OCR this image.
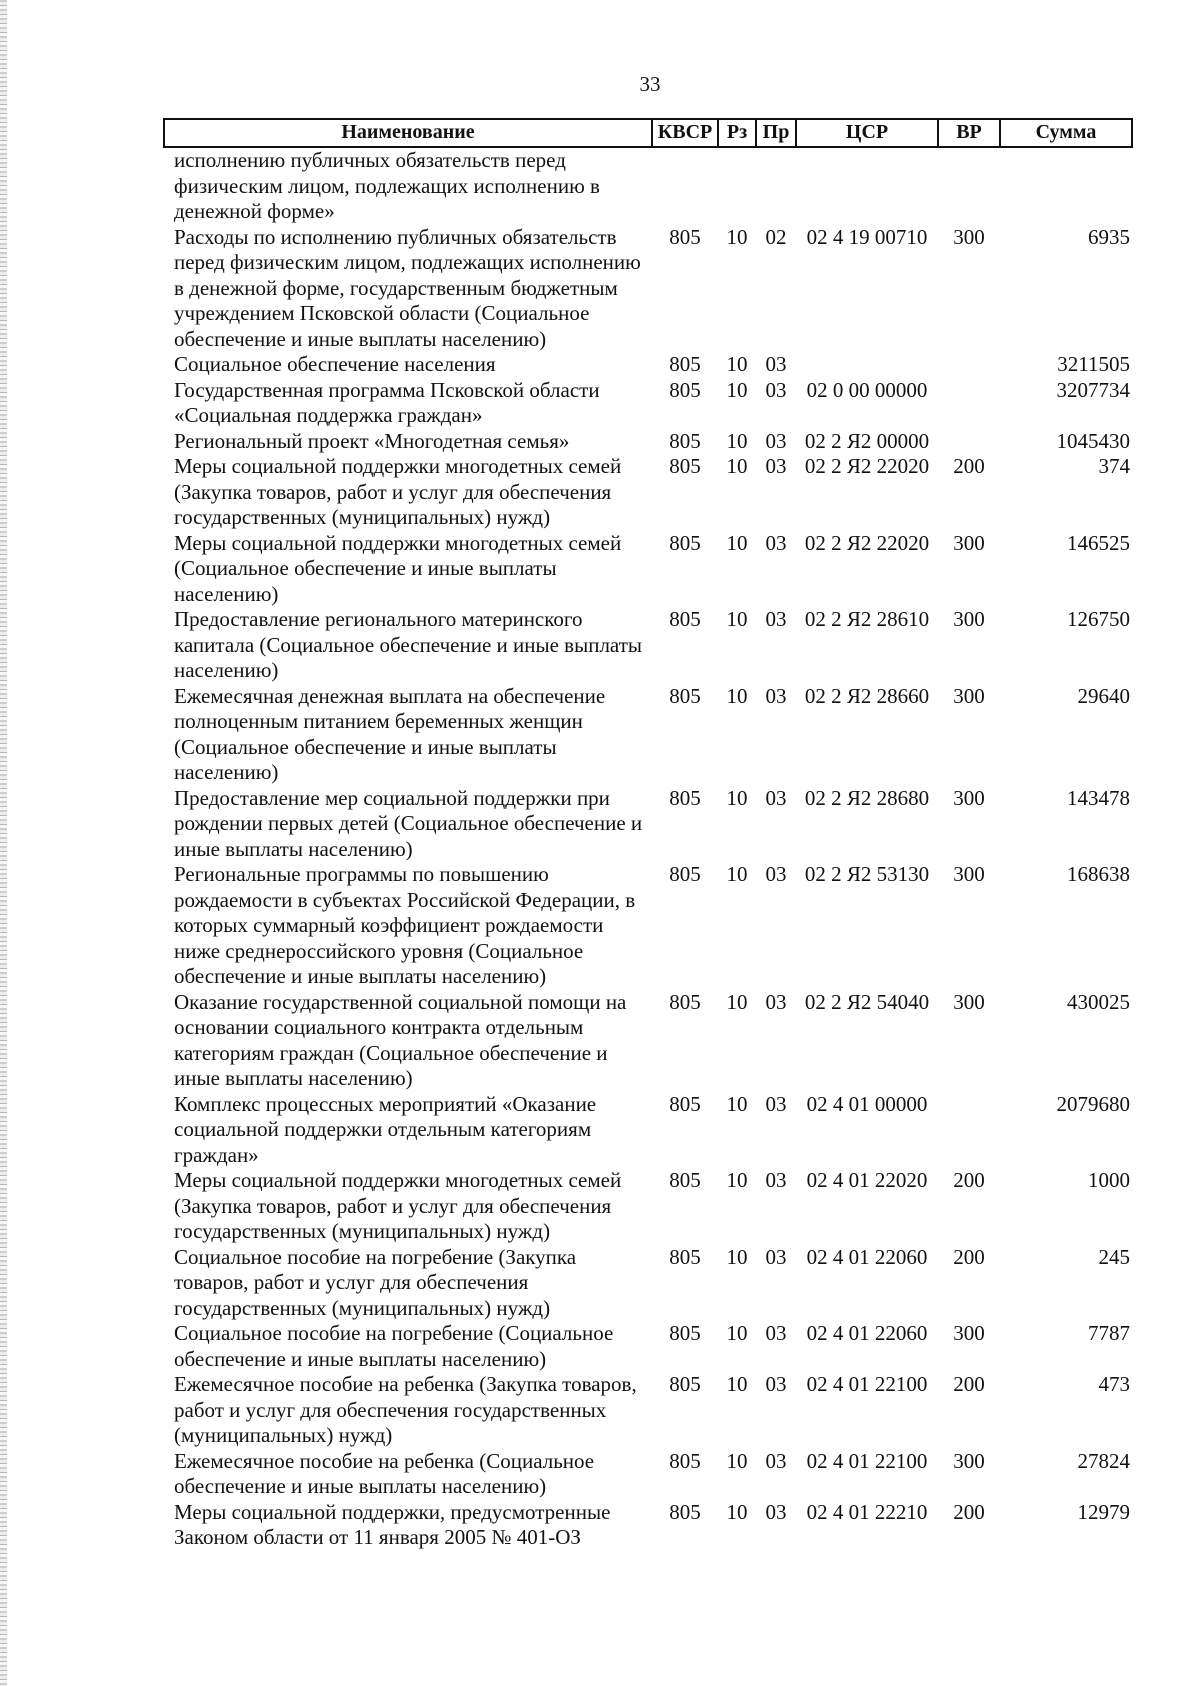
33
Наименование	КВСР	Рз	Пр	ЦСР	ВР	Сумма
исполнению публичных обязательств перед физическим лицом, подлежащих исполнению в денежной форме»						
Расходы по исполнению публичных обязательств перед физическим лицом, подлежащих исполнению в денежной форме, государственным бюджетным учреждением Псковской области (Социальное обеспечение и иные выплаты населению)	805	10	02	02 4 19 00710	300	6935
Социальное обеспечение населения	805	10	03			3211505
Государственная программа Псковской области «Социальная поддержка граждан»	805	10	03	02 0 00 00000		3207734
Региональный проект «Многодетная семья»	805	10	03	02 2 Я2 00000		1045430
Меры социальной поддержки многодетных семей (Закупка товаров, работ и услуг для обеспечения государственных (муниципальных) нужд)	805	10	03	02 2 Я2 22020	200	374
Меры социальной поддержки многодетных семей (Социальное обеспечение и иные выплаты населению)	805	10	03	02 2 Я2 22020	300	146525
Предоставление регионального материнского капитала (Социальное обеспечение и иные выплаты населению)	805	10	03	02 2 Я2 28610	300	126750
Ежемесячная денежная выплата на обеспечение полноценным питанием беременных женщин (Социальное обеспечение и иные выплаты населению)	805	10	03	02 2 Я2 28660	300	29640
Предоставление мер социальной поддержки при рождении первых детей (Социальное обеспечение и иные выплаты населению)	805	10	03	02 2 Я2 28680	300	143478
Региональные программы по повышению рождаемости в субъектах Российской Федерации, в которых суммарный коэффициент рождаемости ниже среднероссийского уровня (Социальное обеспечение и иные выплаты населению)	805	10	03	02 2 Я2 53130	300	168638
Оказание государственной социальной помощи на основании социального контракта отдельным категориям граждан (Социальное обеспечение и иные выплаты населению)	805	10	03	02 2 Я2 54040	300	430025
Комплекс процессных мероприятий «Оказание социальной поддержки отдельным категориям граждан»	805	10	03	02 4 01 00000		2079680
Меры социальной поддержки многодетных семей (Закупка товаров, работ и услуг для обеспечения государственных (муниципальных) нужд)	805	10	03	02 4 01 22020	200	1000
Социальное пособие на погребение (Закупка товаров, работ и услуг для обеспечения государственных (муниципальных) нужд)	805	10	03	02 4 01 22060	200	245
Социальное пособие на погребение (Социальное обеспечение и иные выплаты населению)	805	10	03	02 4 01 22060	300	7787
Ежемесячное пособие на ребенка (Закупка товаров, работ и услуг для обеспечения государственных (муниципальных) нужд)	805	10	03	02 4 01 22100	200	473
Ежемесячное пособие на ребенка (Социальное обеспечение и иные выплаты населению)	805	10	03	02 4 01 22100	300	27824
Меры социальной поддержки, предусмотренные Законом области от 11 января 2005 № 401-ОЗ	805	10	03	02 4 01 22210	200	12979
